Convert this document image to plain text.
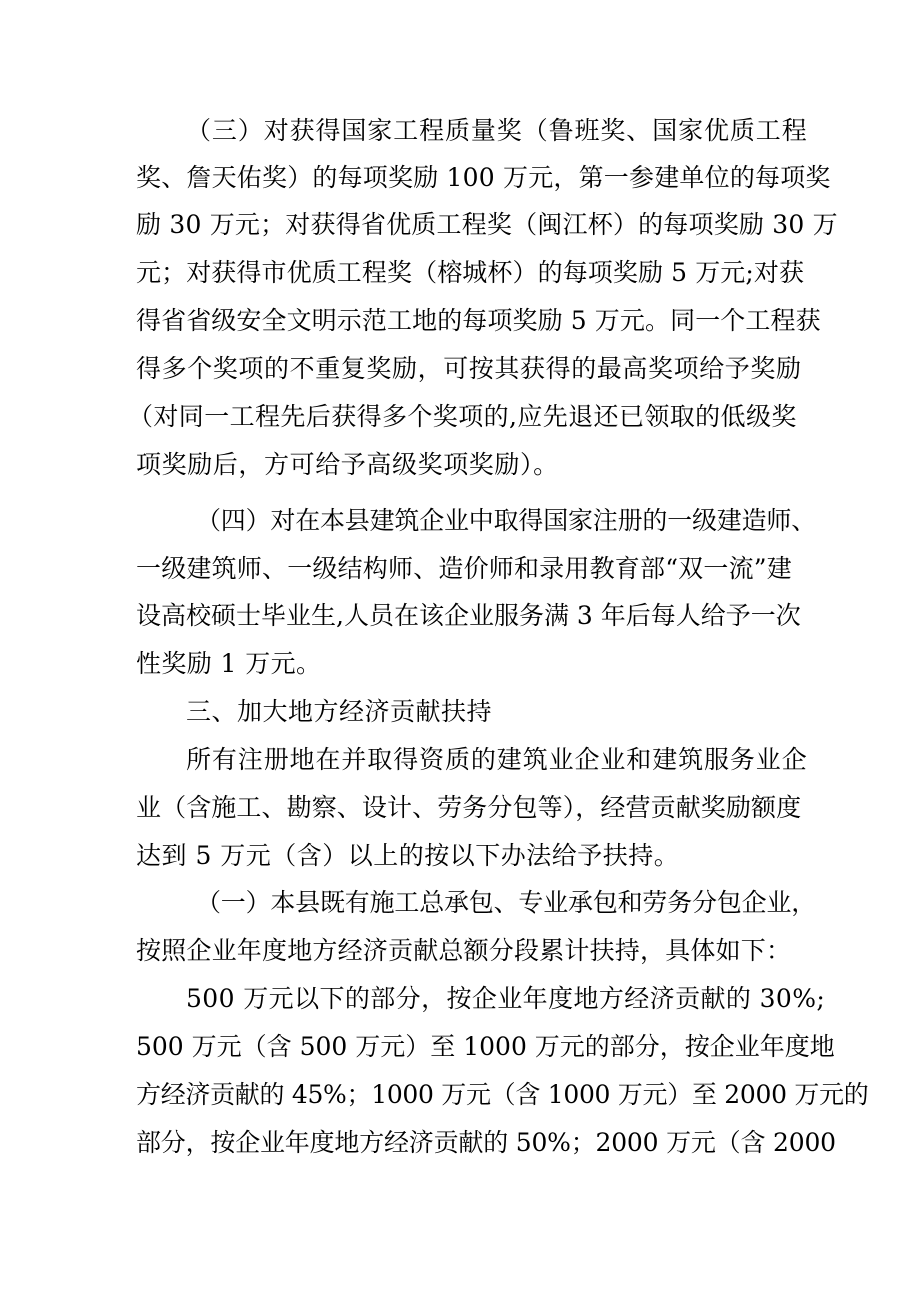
（三）对获得国家工程质量奖（鲁班奖、国家优质工程
奖、詹天佑奖）的每项奖励 100 万元，第一参建单位的每项奖
励 30 万元；对获得省优质工程奖（闽江杯）的每项奖励 30 万
元；对获得市优质工程奖（榕城杯）的每项奖励 5 万元;对获
得省省级安全文明示范工地的每项奖励 5 万元。同一个工程获
得多个奖项的不重复奖励，可按其获得的最高奖项给予奖励
（对同一工程先后获得多个奖项的,应先退还已领取的低级奖
项奖励后，方可给予高级奖项奖励）。
（四）对在本县建筑企业中取得国家注册的一级建造师、
一级建筑师、一级结构师、造价师和录用教育部“双一流”建
设高校硕士毕业生,人员在该企业服务满 3 年后每人给予一次
性奖励 1 万元。
三、加大地方经济贡献扶持
所有注册地在并取得资质的建筑业企业和建筑服务业企
业（含施工、勘察、设计、劳务分包等），经营贡献奖励额度
达到 5 万元（含）以上的按以下办法给予扶持。
（一）本县既有施工总承包、专业承包和劳务分包企业，
按照企业年度地方经济贡献总额分段累计扶持，具体如下：
500 万元以下的部分，按企业年度地方经济贡献的 30%;
500 万元（含 500 万元）至 1000 万元的部分，按企业年度地
方经济贡献的 45%；1000 万元（含 1000 万元）至 2000 万元的
部分，按企业年度地方经济贡献的 50%；2000 万元（含 2000
